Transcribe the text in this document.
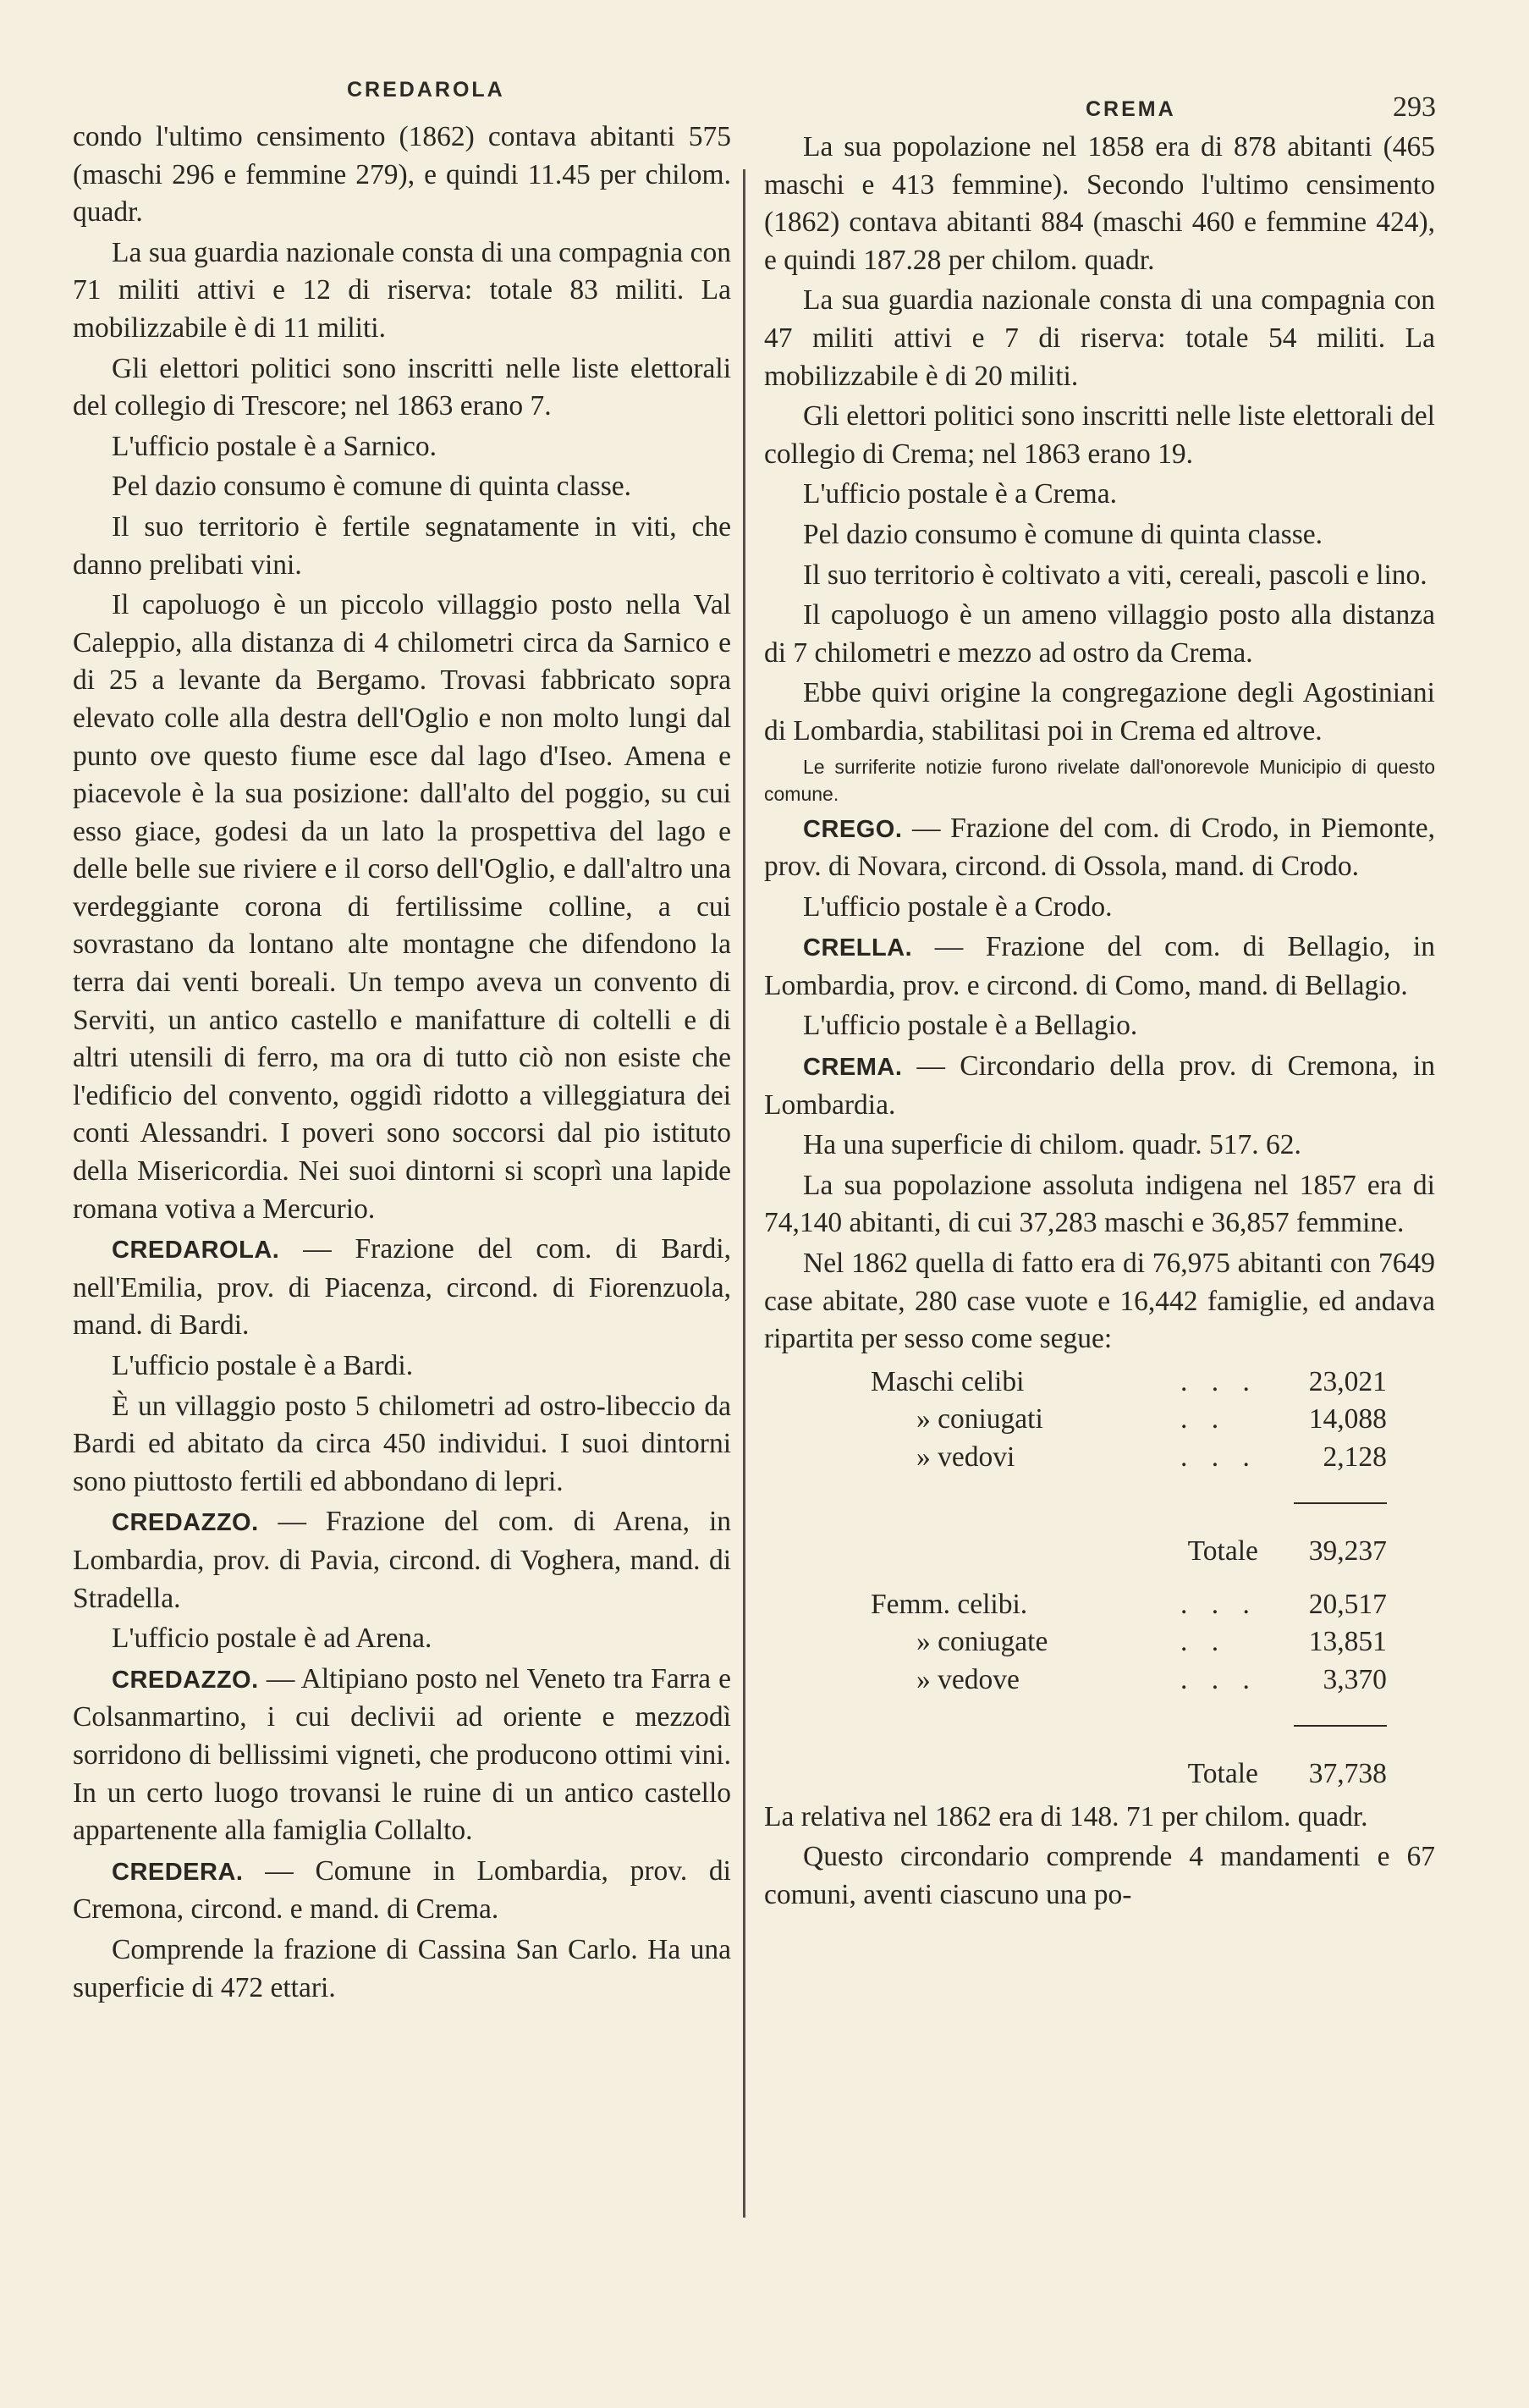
CREDAROLA
CREMA	293

condo l'ultimo censimento (1862) contava abitanti 575 (maschi 296 e femmine 279), e quindi 11.45 per chilom. quadr.

La sua guardia nazionale consta di una compagnia con 71 militi attivi e 12 di riserva: totale 83 militi. La mobilizzabile è di 11 militi.

Gli elettori politici sono inscritti nelle liste elettorali del collegio di Trescore; nel 1863 erano 7.

L'ufficio postale è a Sarnico.

Pel dazio consumo è comune di quinta classe.

Il suo territorio è fertile segnatamente in viti, che danno prelibati vini.

Il capoluogo è un piccolo villaggio posto nella Val Caleppio, alla distanza di 4 chilometri circa da Sarnico e di 25 a levante da Bergamo. Trovasi fabbricato sopra elevato colle alla destra dell'Oglio e non molto lungi dal punto ove questo fiume esce dal lago d'Iseo. Amena e piacevole è la sua posizione: dall'alto del poggio, su cui esso giace, godesi da un lato la prospettiva del lago e delle belle sue riviere e il corso dell'Oglio, e dall'altro una verdeggiante corona di fertilissime colline, a cui sovrastano da lontano alte montagne che difendono la terra dai venti boreali. Un tempo aveva un convento di Serviti, un antico castello e manifatture di coltelli e di altri utensili di ferro, ma ora di tutto ciò non esiste che l'edificio del convento, oggidì ridotto a villeggiatura dei conti Alessandri. I poveri sono soccorsi dal pio istituto della Misericordia. Nei suoi dintorni si scoprì una lapide romana votiva a Mercurio.

CREDAROLA. — Frazione del com. di Bardi, nell'Emilia, prov. di Piacenza, circond. di Fiorenzuola, mand. di Bardi.

L'ufficio postale è a Bardi.

È un villaggio posto 5 chilometri ad ostro-libeccio da Bardi ed abitato da circa 450 individui. I suoi dintorni sono piuttosto fertili ed abbondano di lepri.

CREDAZZO. — Frazione del com. di Arena, in Lombardia, prov. di Pavia, circond. di Voghera, mand. di Stradella.

L'ufficio postale è ad Arena.

CREDAZZO. — Altipiano posto nel Veneto tra Farra e Colsanmartino, i cui declivii ad oriente e mezzodì sorridono di bellissimi vigneti, che producono ottimi vini. In un certo luogo trovansi le ruine di un antico castello appartenente alla famiglia Collalto.

CREDERA. — Comune in Lombardia, prov. di Cremona, circond. e mand. di Crema.

Comprende la frazione di Cassina San Carlo. Ha una superficie di 472 ettari.

La sua popolazione nel 1858 era di 878 abitanti (465 maschi e 413 femmine). Secondo l'ultimo censimento (1862) contava abitanti 884 (maschi 460 e femmine 424), e quindi 187.28 per chilom. quadr.

La sua guardia nazionale consta di una compagnia con 47 militi attivi e 7 di riserva: totale 54 militi. La mobilizzabile è di 20 militi.

Gli elettori politici sono inscritti nelle liste elettorali del collegio di Crema; nel 1863 erano 19.

L'ufficio postale è a Crema.

Pel dazio consumo è comune di quinta classe.

Il suo territorio è coltivato a viti, cereali, pascoli e lino.

Il capoluogo è un ameno villaggio posto alla distanza di 7 chilometri e mezzo ad ostro da Crema.

Ebbe quivi origine la congregazione degli Agostiniani di Lombardia, stabilitasi poi in Crema ed altrove.

Le surriferite notizie furono rivelate dall'onorevole Municipio di questo comune.

CREGO. — Frazione del com. di Crodo, in Piemonte, prov. di Novara, circond. di Ossola, mand. di Crodo.

L'ufficio postale è a Crodo.

CRELLA. — Frazione del com. di Bellagio, in Lombardia, prov. e circond. di Como, mand. di Bellagio.

L'ufficio postale è a Bellagio.

CREMA. — Circondario della prov. di Cremona, in Lombardia.

Ha una superficie di chilom. quadr. 517. 62.

La sua popolazione assoluta indigena nel 1857 era di 74,140 abitanti, di cui 37,283 maschi e 36,857 femmine.

Nel 1862 quella di fatto era di 76,975 abitanti con 7649 case abitate, 280 case vuote e 16,442 famiglie, ed andava ripartita per sesso come segue:

Maschi celibi	. . .	23,021
» coniugati	. .	14,088
» vedovi	. . .	2,128

	Totale	39,237

Femm. celibi.	. . .	20,517
» coniugate	. .	13,851
» vedove	. . .	3,370

	Totale	37,738

La relativa nel 1862 era di 148. 71 per chilom. quadr.

Questo circondario comprende 4 mandamenti e 67 comuni, aventi ciascuno una po-
